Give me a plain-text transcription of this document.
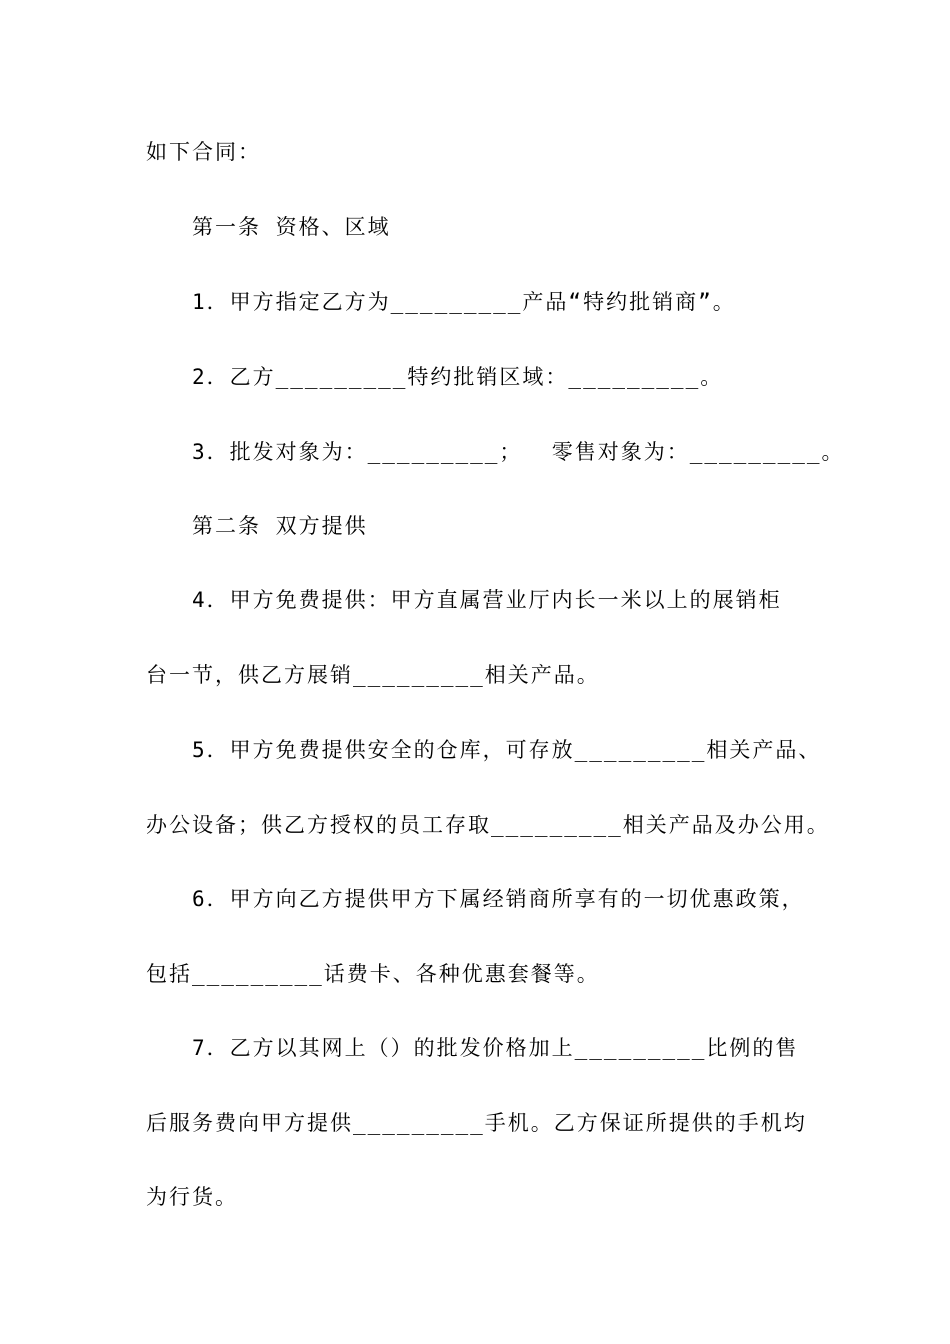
如下合同：
第一条 资格、区域
1．甲方指定乙方为_________产品“特约批销商”。
2．乙方_________特约批销区域：_________。
3．批发对象为：_________；  零售对象为：_________。
第二条 双方提供
4．甲方免费提供：甲方直属营业厅内长一米以上的展销柜
台一节，供乙方展销_________相关产品。
5．甲方免费提供安全的仓库，可存放_________相关产品、
办公设备；供乙方授权的员工存取_________相关产品及办公用。
6．甲方向乙方提供甲方下属经销商所享有的一切优惠政策，
包括_________话费卡、各种优惠套餐等。
7．乙方以其网上（）的批发价格加上_________比例的售
后服务费向甲方提供_________手机。乙方保证所提供的手机均
为行货。
